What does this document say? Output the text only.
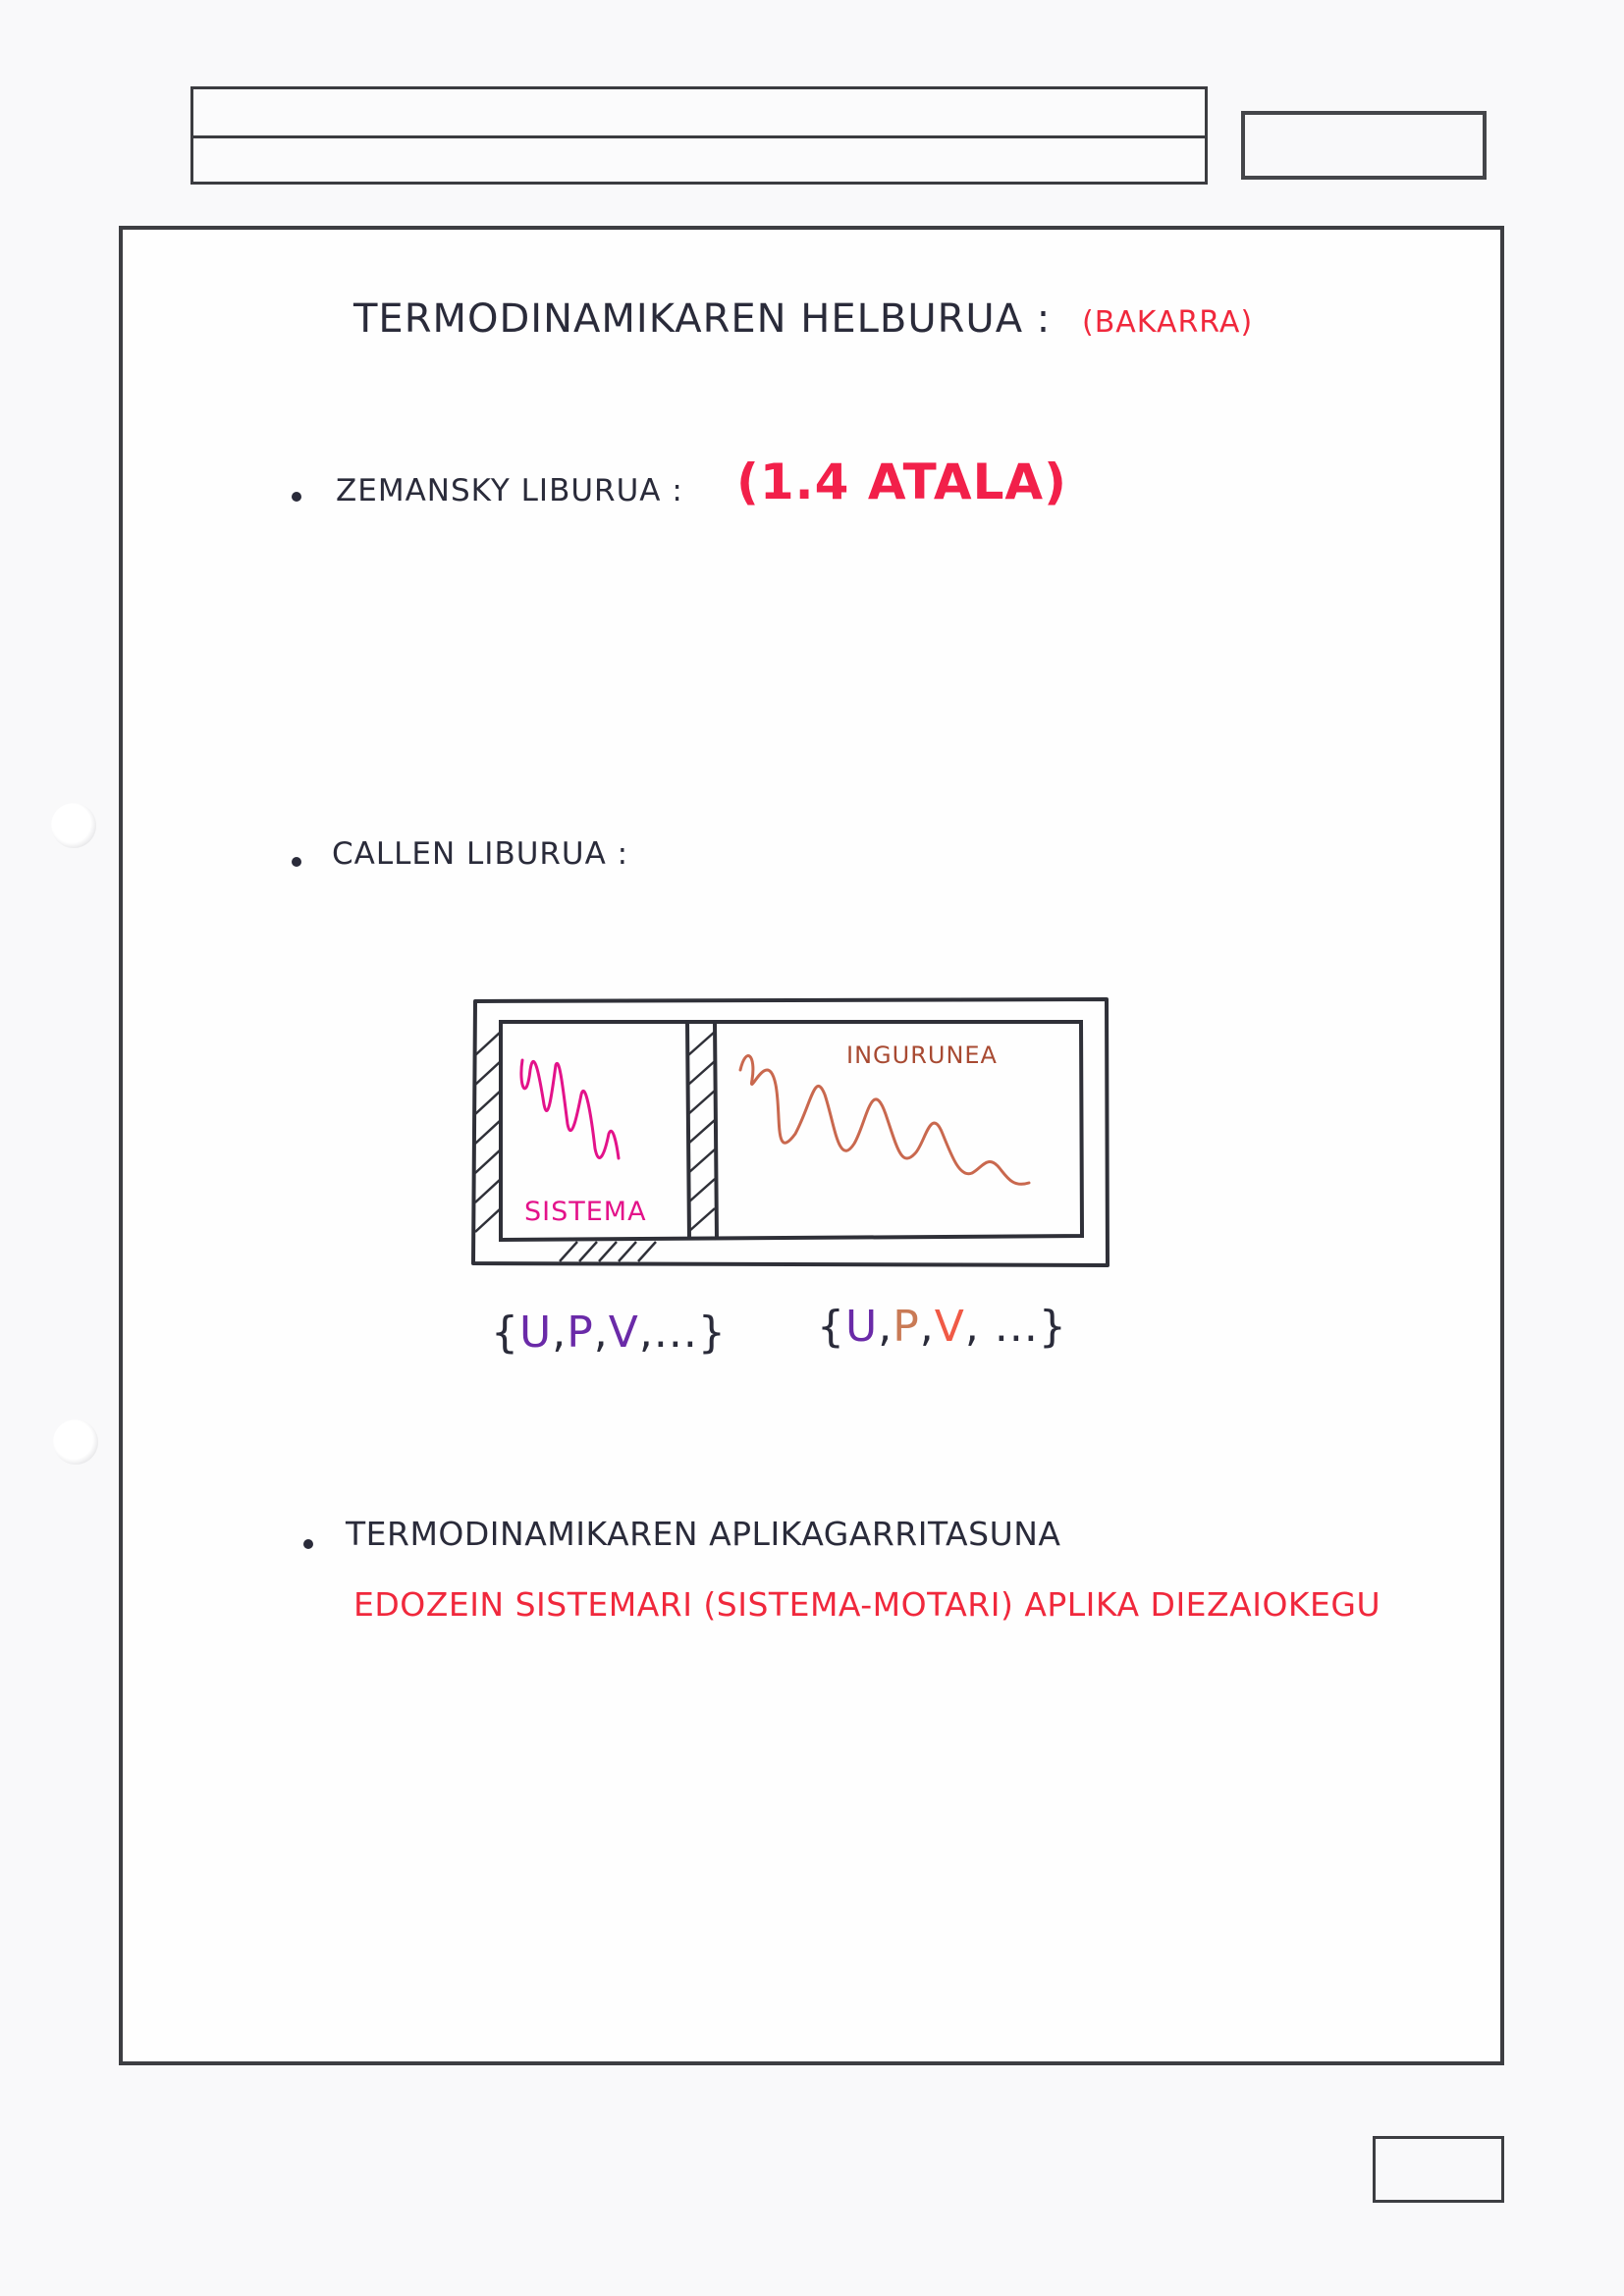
TERMODINAMIKAREN HELBURUA : (BAKARRA)
ZEMANSKY LIBURUA : (1.4 ATALA)
CALLEN LIBURUA :
SISTEMA
INGURUNEA
{U,P,V,...} {U,P,V, ...}
TERMODINAMIKAREN APLIKAGARRITASUNA
EDOZEIN SISTEMARI (SISTEMA-MOTARI) APLIKA DIEZAIOKEGU
